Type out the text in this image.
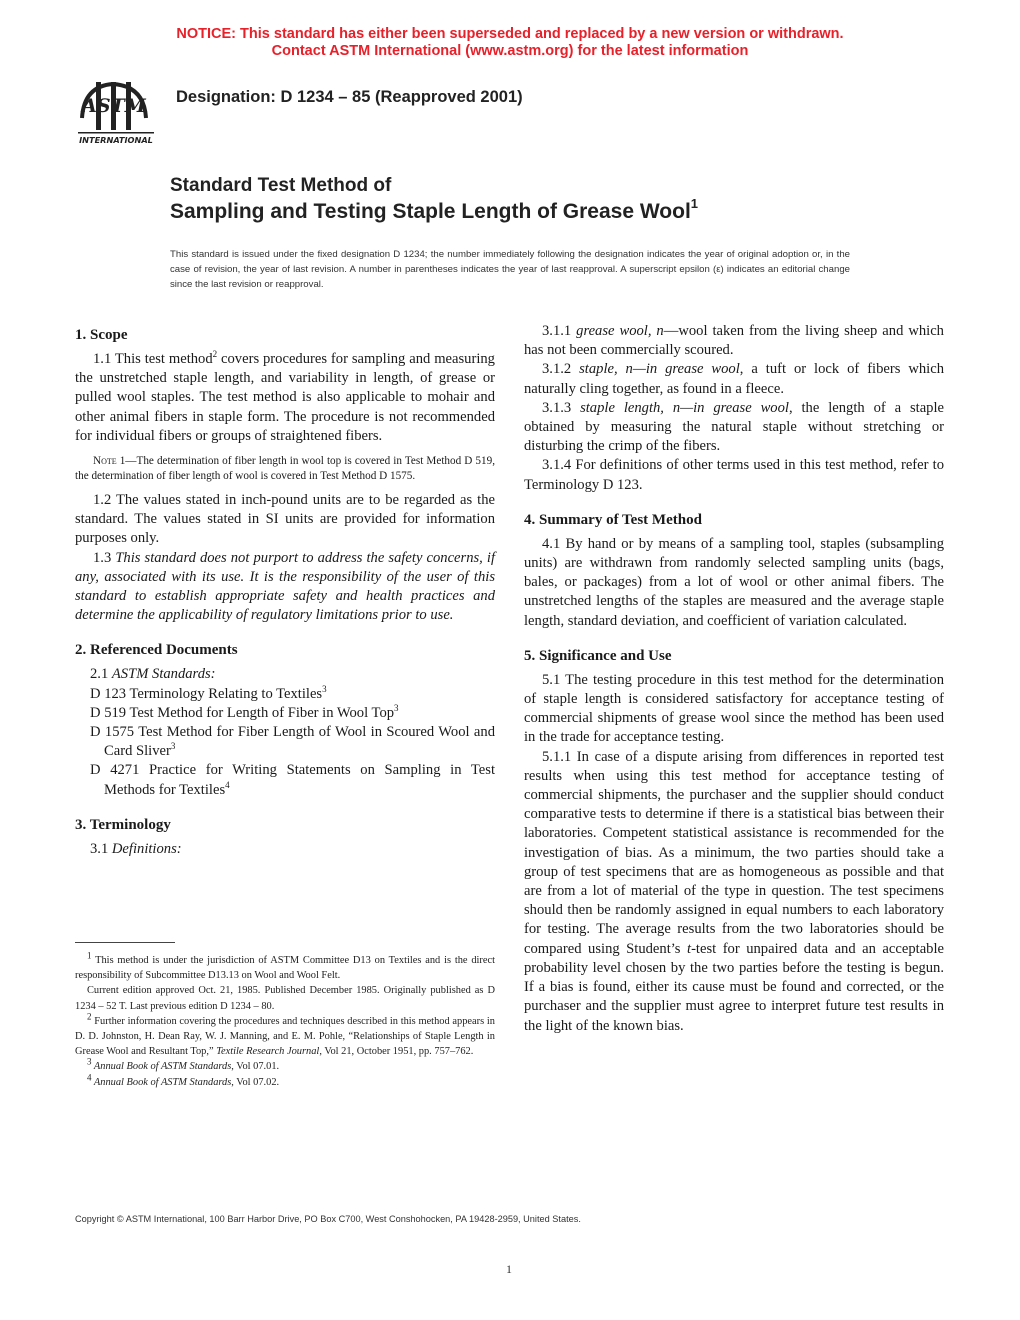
NOTICE: This standard has either been superseded and replaced by a new version or withdrawn.
Contact ASTM International (www.astm.org) for the latest information
ASTM
INTERNATIONAL
Designation: D 1234 – 85 (Reapproved 2001)
Standard Test Method of
Sampling and Testing Staple Length of Grease Wool$^1$
This standard is issued under the fixed designation D 1234; the number immediately following the designation indicates the year of original adoption or, in the case of revision, the year of last revision. A number in parentheses indicates the year of last reapproval. A superscript epsilon (ε) indicates an editorial change since the last revision or reapproval.
1. Scope

1.1 This test method$^2$ covers procedures for sampling and measuring the unstretched staple length, and variability in length, of grease or pulled wool staples. The test method is also applicable to mohair and other animal fibers in staple form. The procedure is not recommended for individual fibers or groups of straightened fibers.

Note 1—The determination of fiber length in wool top is covered in Test Method D 519, the determination of fiber length of wool is covered in Test Method D 1575.

1.2 The values stated in inch-pound units are to be regarded as the standard. The values stated in SI units are provided for information purposes only.

1.3 This standard does not purport to address the safety concerns, if any, associated with its use. It is the responsibility of the user of this standard to establish appropriate safety and health practices and determine the applicability of regulatory limitations prior to use.

2. Referenced Documents

2.1 ASTM Standards:

D 123 Terminology Relating to Textiles$^3$

D 519 Test Method for Length of Fiber in Wool Top$^3$

D 1575 Test Method for Fiber Length of Wool in Scoured Wool and Card Sliver$^3$

D 4271 Practice for Writing Statements on Sampling in Test Methods for Textiles$^4$

3. Terminology

3.1 Definitions:

3.1.1 grease wool, n—wool taken from the living sheep and which has not been commercially scoured.

3.1.2 staple, n—in grease wool, a tuft or lock of fibers which naturally cling together, as found in a fleece.

3.1.3 staple length, n—in grease wool, the length of a staple obtained by measuring the natural staple without stretching or disturbing the crimp of the fibers.

3.1.4 For definitions of other terms used in this test method, refer to Terminology D 123.

4. Summary of Test Method

4.1 By hand or by means of a sampling tool, staples (subsampling units) are withdrawn from randomly selected sampling units (bags, bales, or packages) from a lot of wool or other animal fibers. The unstretched lengths of the staples are measured and the average staple length, standard deviation, and coefficient of variation calculated.

5. Significance and Use

5.1 The testing procedure in this test method for the determination of staple length is considered satisfactory for acceptance testing of commercial shipments of grease wool since the method has been used in the trade for acceptance testing.

5.1.1 In case of a dispute arising from differences in reported test results when using this test method for acceptance testing of commercial shipments, the purchaser and the supplier should conduct comparative tests to determine if there is a statistical bias between their laboratories. Competent statistical assistance is recommended for the investigation of bias. As a minimum, the two parties should take a group of test specimens that are as homogeneous as possible and that are from a lot of material of the type in question. The test specimens should then be randomly assigned in equal numbers to each laboratory for testing. The average results from the two laboratories should be compared using Student’s t-test for unpaired data and an acceptable probability level chosen by the two parties before the testing is begun. If a bias is found, either its cause must be found and corrected, or the purchaser and the supplier must agree to interpret future test results in the light of the known bias.

$^1$ This method is under the jurisdiction of ASTM Committee D13 on Textiles and is the direct responsibility of Subcommittee D13.13 on Wool and Wool Felt.

Current edition approved Oct. 21, 1985. Published December 1985. Originally published as D 1234 – 52 T. Last previous edition D 1234 – 80.

$^2$ Further information covering the procedures and techniques described in this method appears in D. D. Johnston, H. Dean Ray, W. J. Manning, and E. M. Pohle, “Relationships of Staple Length in Grease Wool and Resultant Top,” Textile Research Journal, Vol 21, October 1951, pp. 757–762.

$^3$ Annual Book of ASTM Standards, Vol 07.01.

$^4$ Annual Book of ASTM Standards, Vol 07.02.

Copyright © ASTM International, 100 Barr Harbor Drive, PO Box C700, West Conshohocken, PA 19428-2959, United States.
1
